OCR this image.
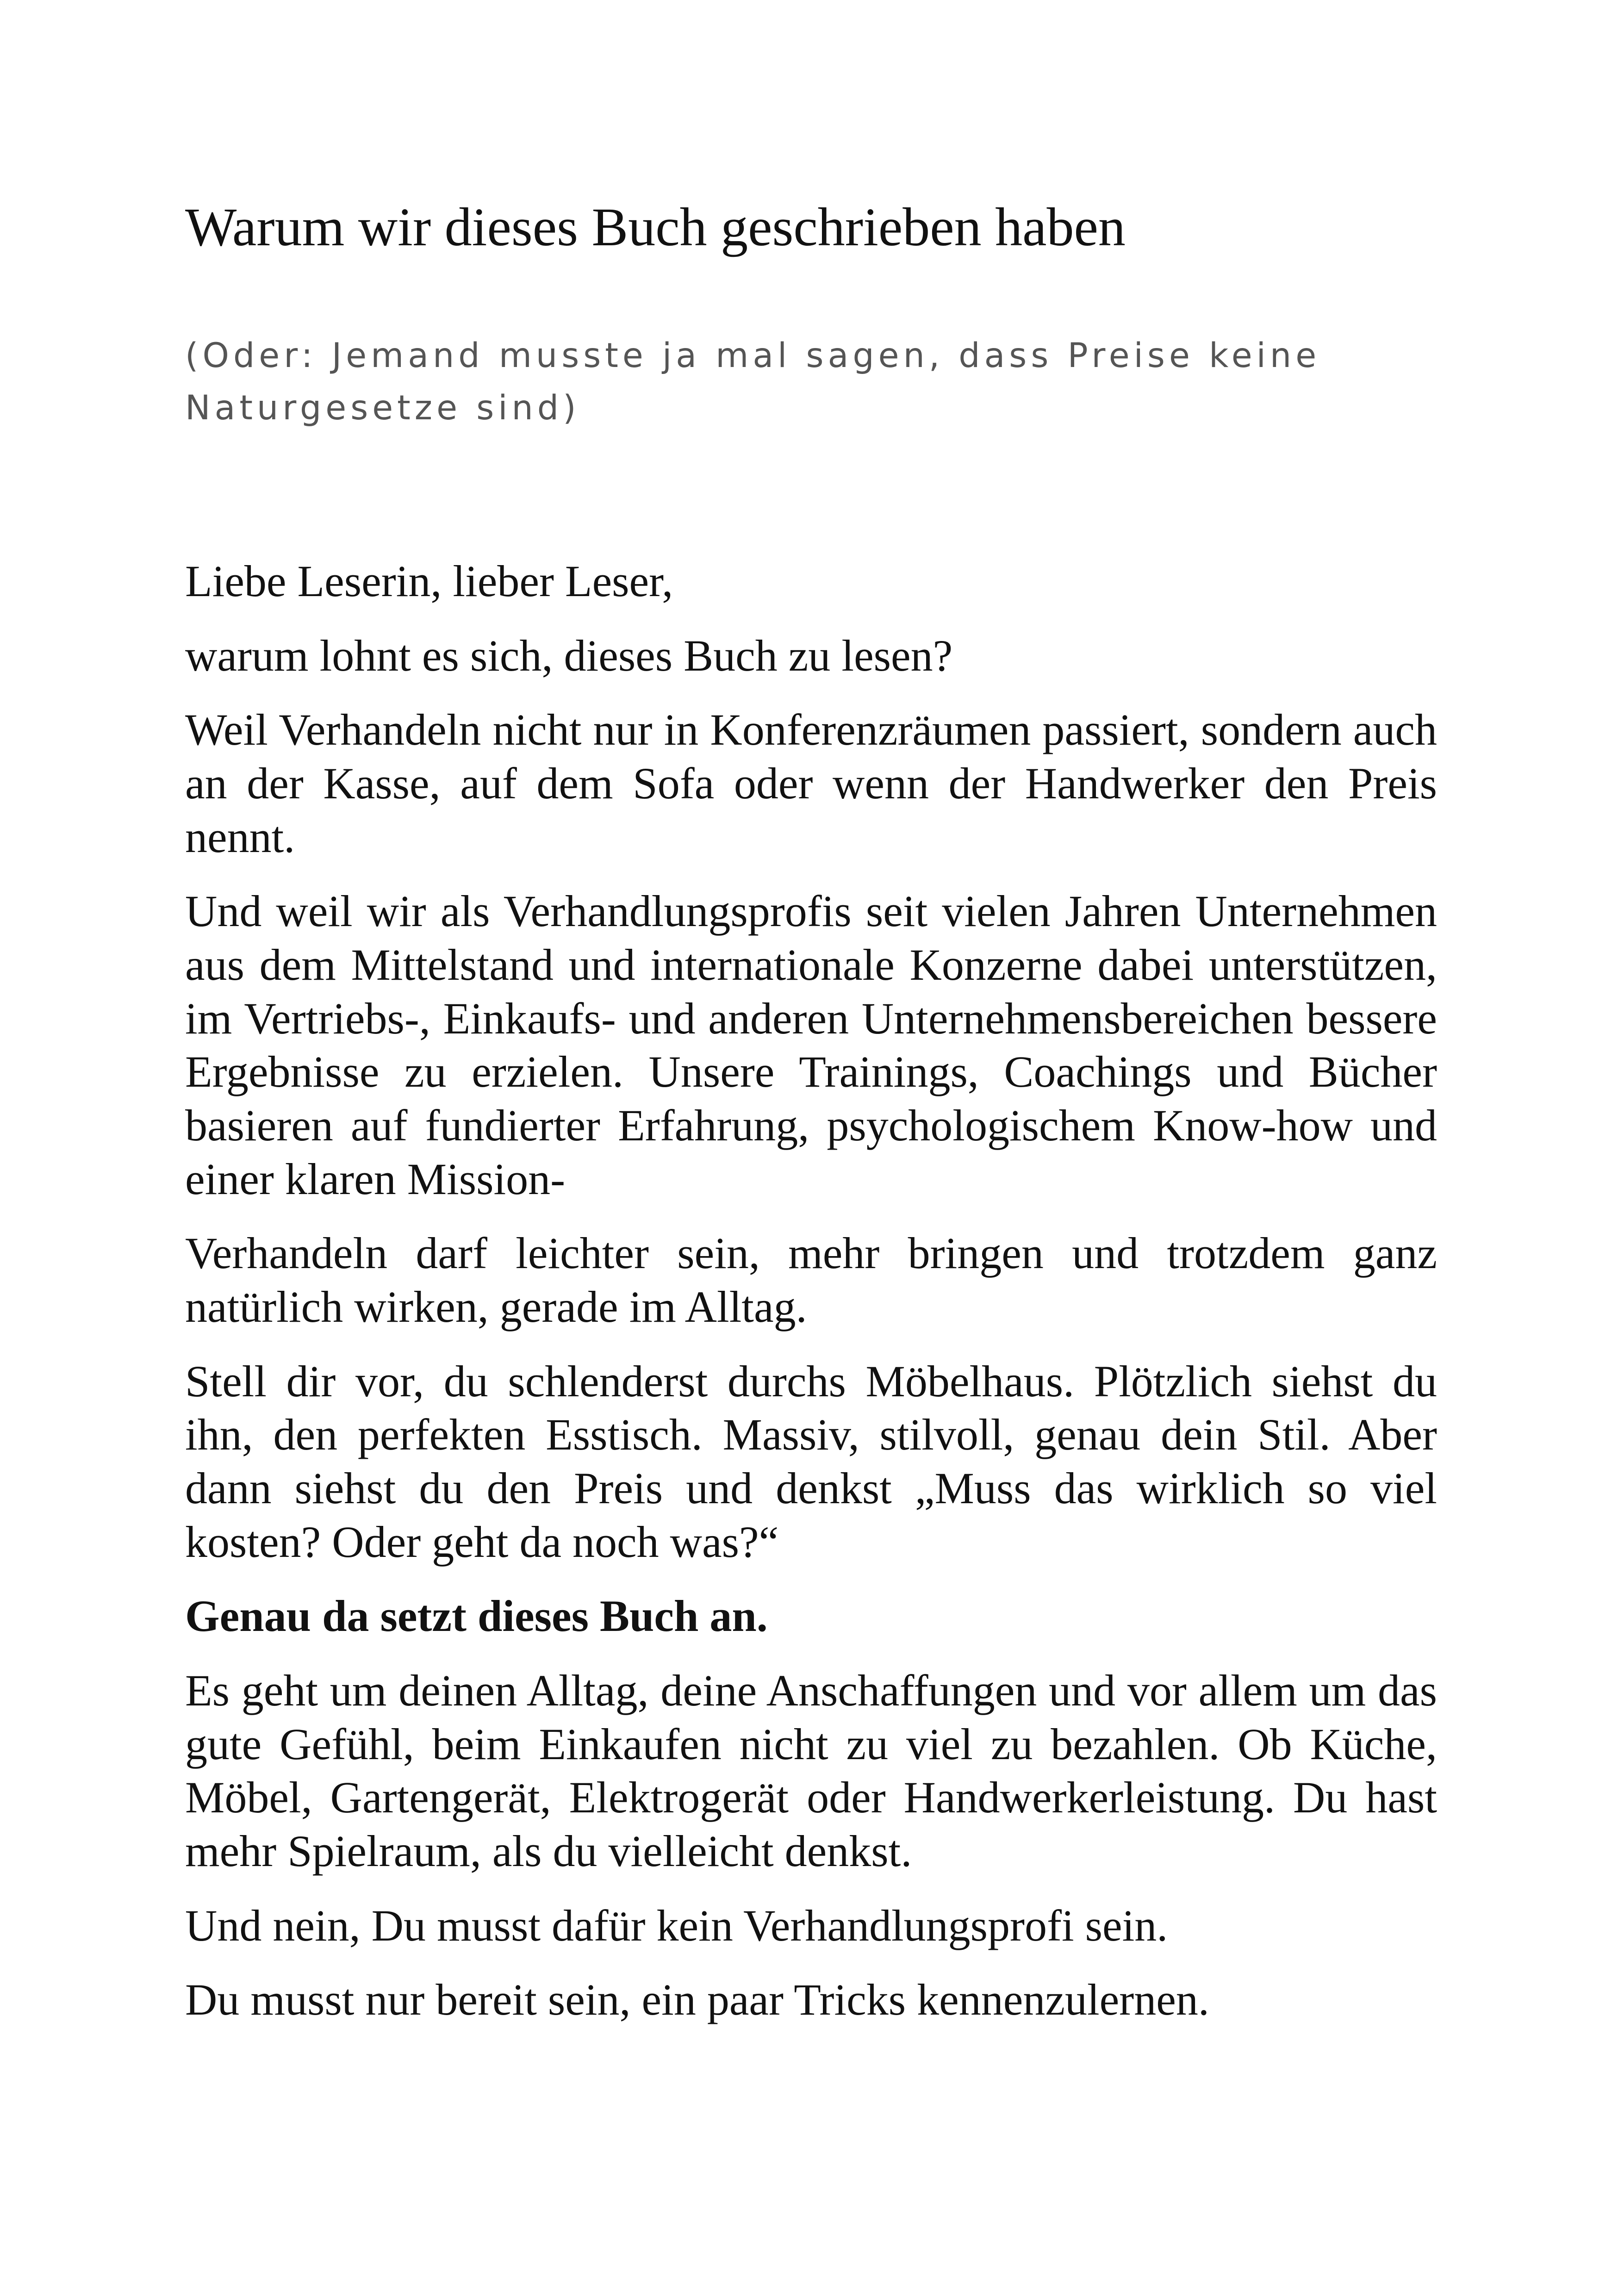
Warum wir dieses Buch geschrieben haben
(Oder: Jemand musste ja mal sagen, dass Preise keine Naturgesetze sind)

Liebe Leserin, lieber Leser,

warum lohnt es sich, dieses Buch zu lesen?

Weil Verhandeln nicht nur in Konferenzräumen passiert, sondern auch an der Kasse, auf dem Sofa oder wenn der Handwerker den Preis nennt.

Und weil wir als Verhandlungsprofis seit vielen Jahren Unternehmen aus dem Mittelstand und internationale Konzerne dabei unterstützen, im Vertriebs-, Einkaufs- und anderen Unternehmensbereichen bessere Ergebnisse zu erzielen. Unsere Trainings, Coachings und Bücher basieren auf fundierter Erfahrung, psychologischem Know-how und einer klaren Mission-

Verhandeln darf leichter sein, mehr bringen und trotzdem ganz natürlich wirken, gerade im Alltag.

Stell dir vor, du schlenderst durchs Möbelhaus. Plötzlich siehst du ihn, den perfekten Esstisch. Massiv, stilvoll, genau dein Stil. Aber dann siehst du den Preis und denkst „Muss das wirklich so viel kosten? Oder geht da noch was?“

Genau da setzt dieses Buch an.

Es geht um deinen Alltag, deine Anschaffungen und vor allem um das gute Gefühl, beim Einkaufen nicht zu viel zu bezahlen. Ob Küche, Möbel, Gartengerät, Elektrogerät oder Handwerkerleistung. Du hast mehr Spielraum, als du vielleicht denkst.

Und nein, Du musst dafür kein Verhandlungsprofi sein.

Du musst nur bereit sein, ein paar Tricks kennenzulernen.
